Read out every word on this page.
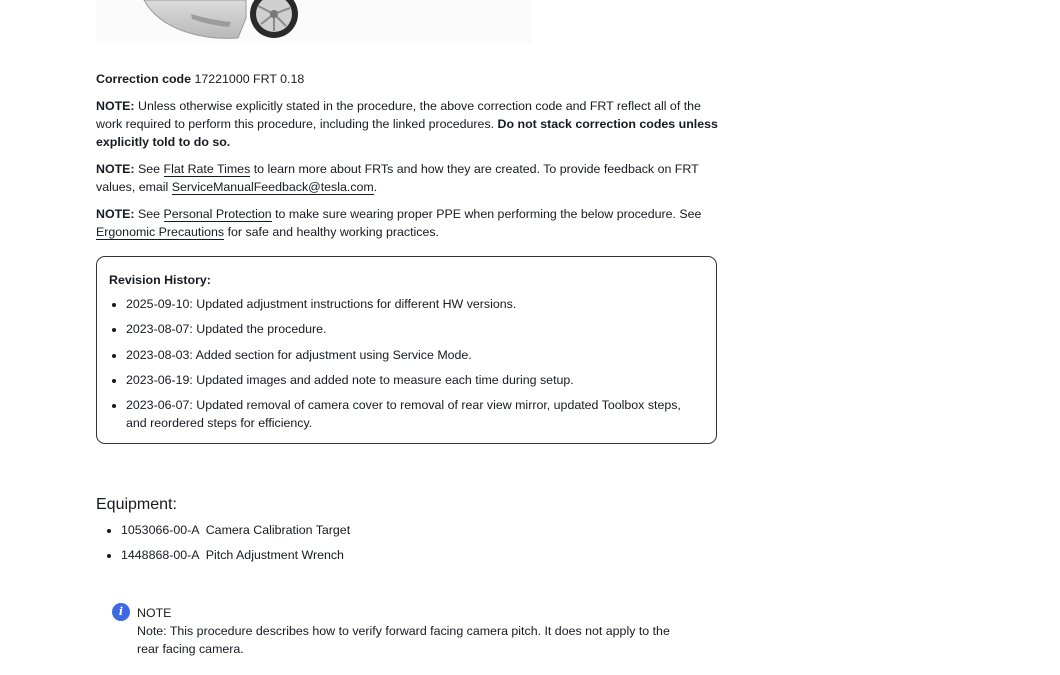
Correction code 17221000 FRT 0.18

NOTE: Unless otherwise explicitly stated in the procedure, the above correction code and FRT reflect all of the work required to perform this procedure, including the linked procedures. Do not stack correction codes unless explicitly told to do so.

NOTE: See Flat Rate Times to learn more about FRTs and how they are created. To provide feedback on FRT values, email ServiceManualFeedback@tesla.com.

NOTE: See Personal Protection to make sure wearing proper PPE when performing the below procedure. See Ergonomic Precautions for safe and healthy working practices.

Revision History:
• 2025-09-10: Updated adjustment instructions for different HW versions.
• 2023-08-07: Updated the procedure.
• 2023-08-03: Added section for adjustment using Service Mode.
• 2023-06-19: Updated images and added note to measure each time during setup.
• 2023-06-07: Updated removal of camera cover to removal of rear view mirror, updated Toolbox steps, and reordered steps for efficiency.
Equipment:
• 1053066-00-A  Camera Calibration Target
• 1448868-00-A  Pitch Adjustment Wrench
i	NOTE
Note: This procedure describes how to verify forward facing camera pitch. It does not apply to the rear facing camera.
